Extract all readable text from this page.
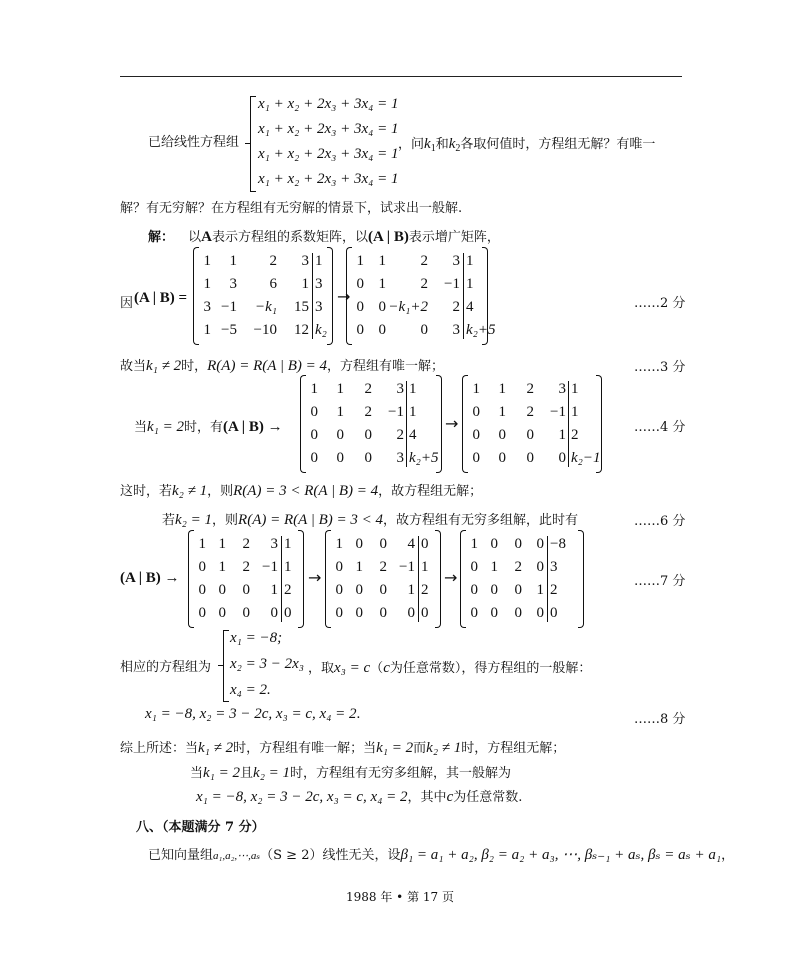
已给线性方程组
x₁ + x₂ + 2x₃ + 3x₄ = 1
x₁ + x₂ + 2x₃ + 3x₄ = 1
x₁ + x₂ + 2x₃ + 3x₄ = 1
x₁ + x₂ + 2x₃ + 3x₄ = 1
，问$k_1$和$k_2$各取何值时，方程组无解？有唯一
解？有无穷解？在方程组有无穷解的情景下，试求出一般解.
解： 以A表示方程组的系数矩阵，以(A | B)表示增广矩阵，
因 (A | B) =
1 1 2 3 1
1 3 6 1 3
3 −1 −k₁ 15 3
1 −5 −10 12 k₂
→
1 1 2 3 1
0 1 2 −1 1
0 0 −k₁+2 2 4
0 0 0 3 k₂+5
……2 分
故当k₁ ≠ 2时，R(A) = R(A | B) = 4，方程组有唯一解；	……3 分
当k₁ = 2时，有(A | B) →
1 1 2 3 1
0 1 2 −1 1
0 0 0 2 4
0 0 0 3 k₂+5
→
1 1 2 3 1
0 1 2 −1 1
0 0 0 1 2
0 0 0 0 k₂−1
……4 分
这时，若k₂ ≠ 1，则R(A) = 3 < R(A | B) = 4，故方程组无解；
若k₂ = 1，则R(A) = R(A | B) = 3 < 4，故方程组有无穷多组解，此时有	……6 分
(A | B) →
1 1 2 3 1
0 1 2 −1 1
0 0 0 1 2
0 0 0 0 0
→
1 0 0 4 0
0 1 2 −1 1
0 0 0 1 2
0 0 0 0 0
→
1 0 0 0 −8
0 1 2 0 3
0 0 0 1 2
0 0 0 0 0
……7 分
相应的方程组为
x₁ = −8;
x₂ = 3 − 2x₃
x₄ = 2.
，取x₃ = c（c为任意常数），得方程组的一般解：
x₁ = −8, x₂ = 3 − 2c, x₃ = c, x₄ = 2.	……8 分
综上所述：当k₁ ≠ 2时，方程组有唯一解；当k₁ = 2而k₂ ≠ 1时，方程组无解；
当k₁ = 2且k₂ = 1时，方程组有无穷多组解，其一般解为
x₁ = −8, x₂ = 3 − 2c, x₃ = c, x₄ = 2，其中c为任意常数.
八、（本题满分 7 分）
已知向量组a₁,a₂,⋯,aₛ（S ≥ 2）线性无关，设β₁ = a₁ + a₂, β₂ = a₂ + a₃, ⋯, βₛ₋₁ + aₛ, βₛ = aₛ + a₁，
1988 年 • 第 17 页
